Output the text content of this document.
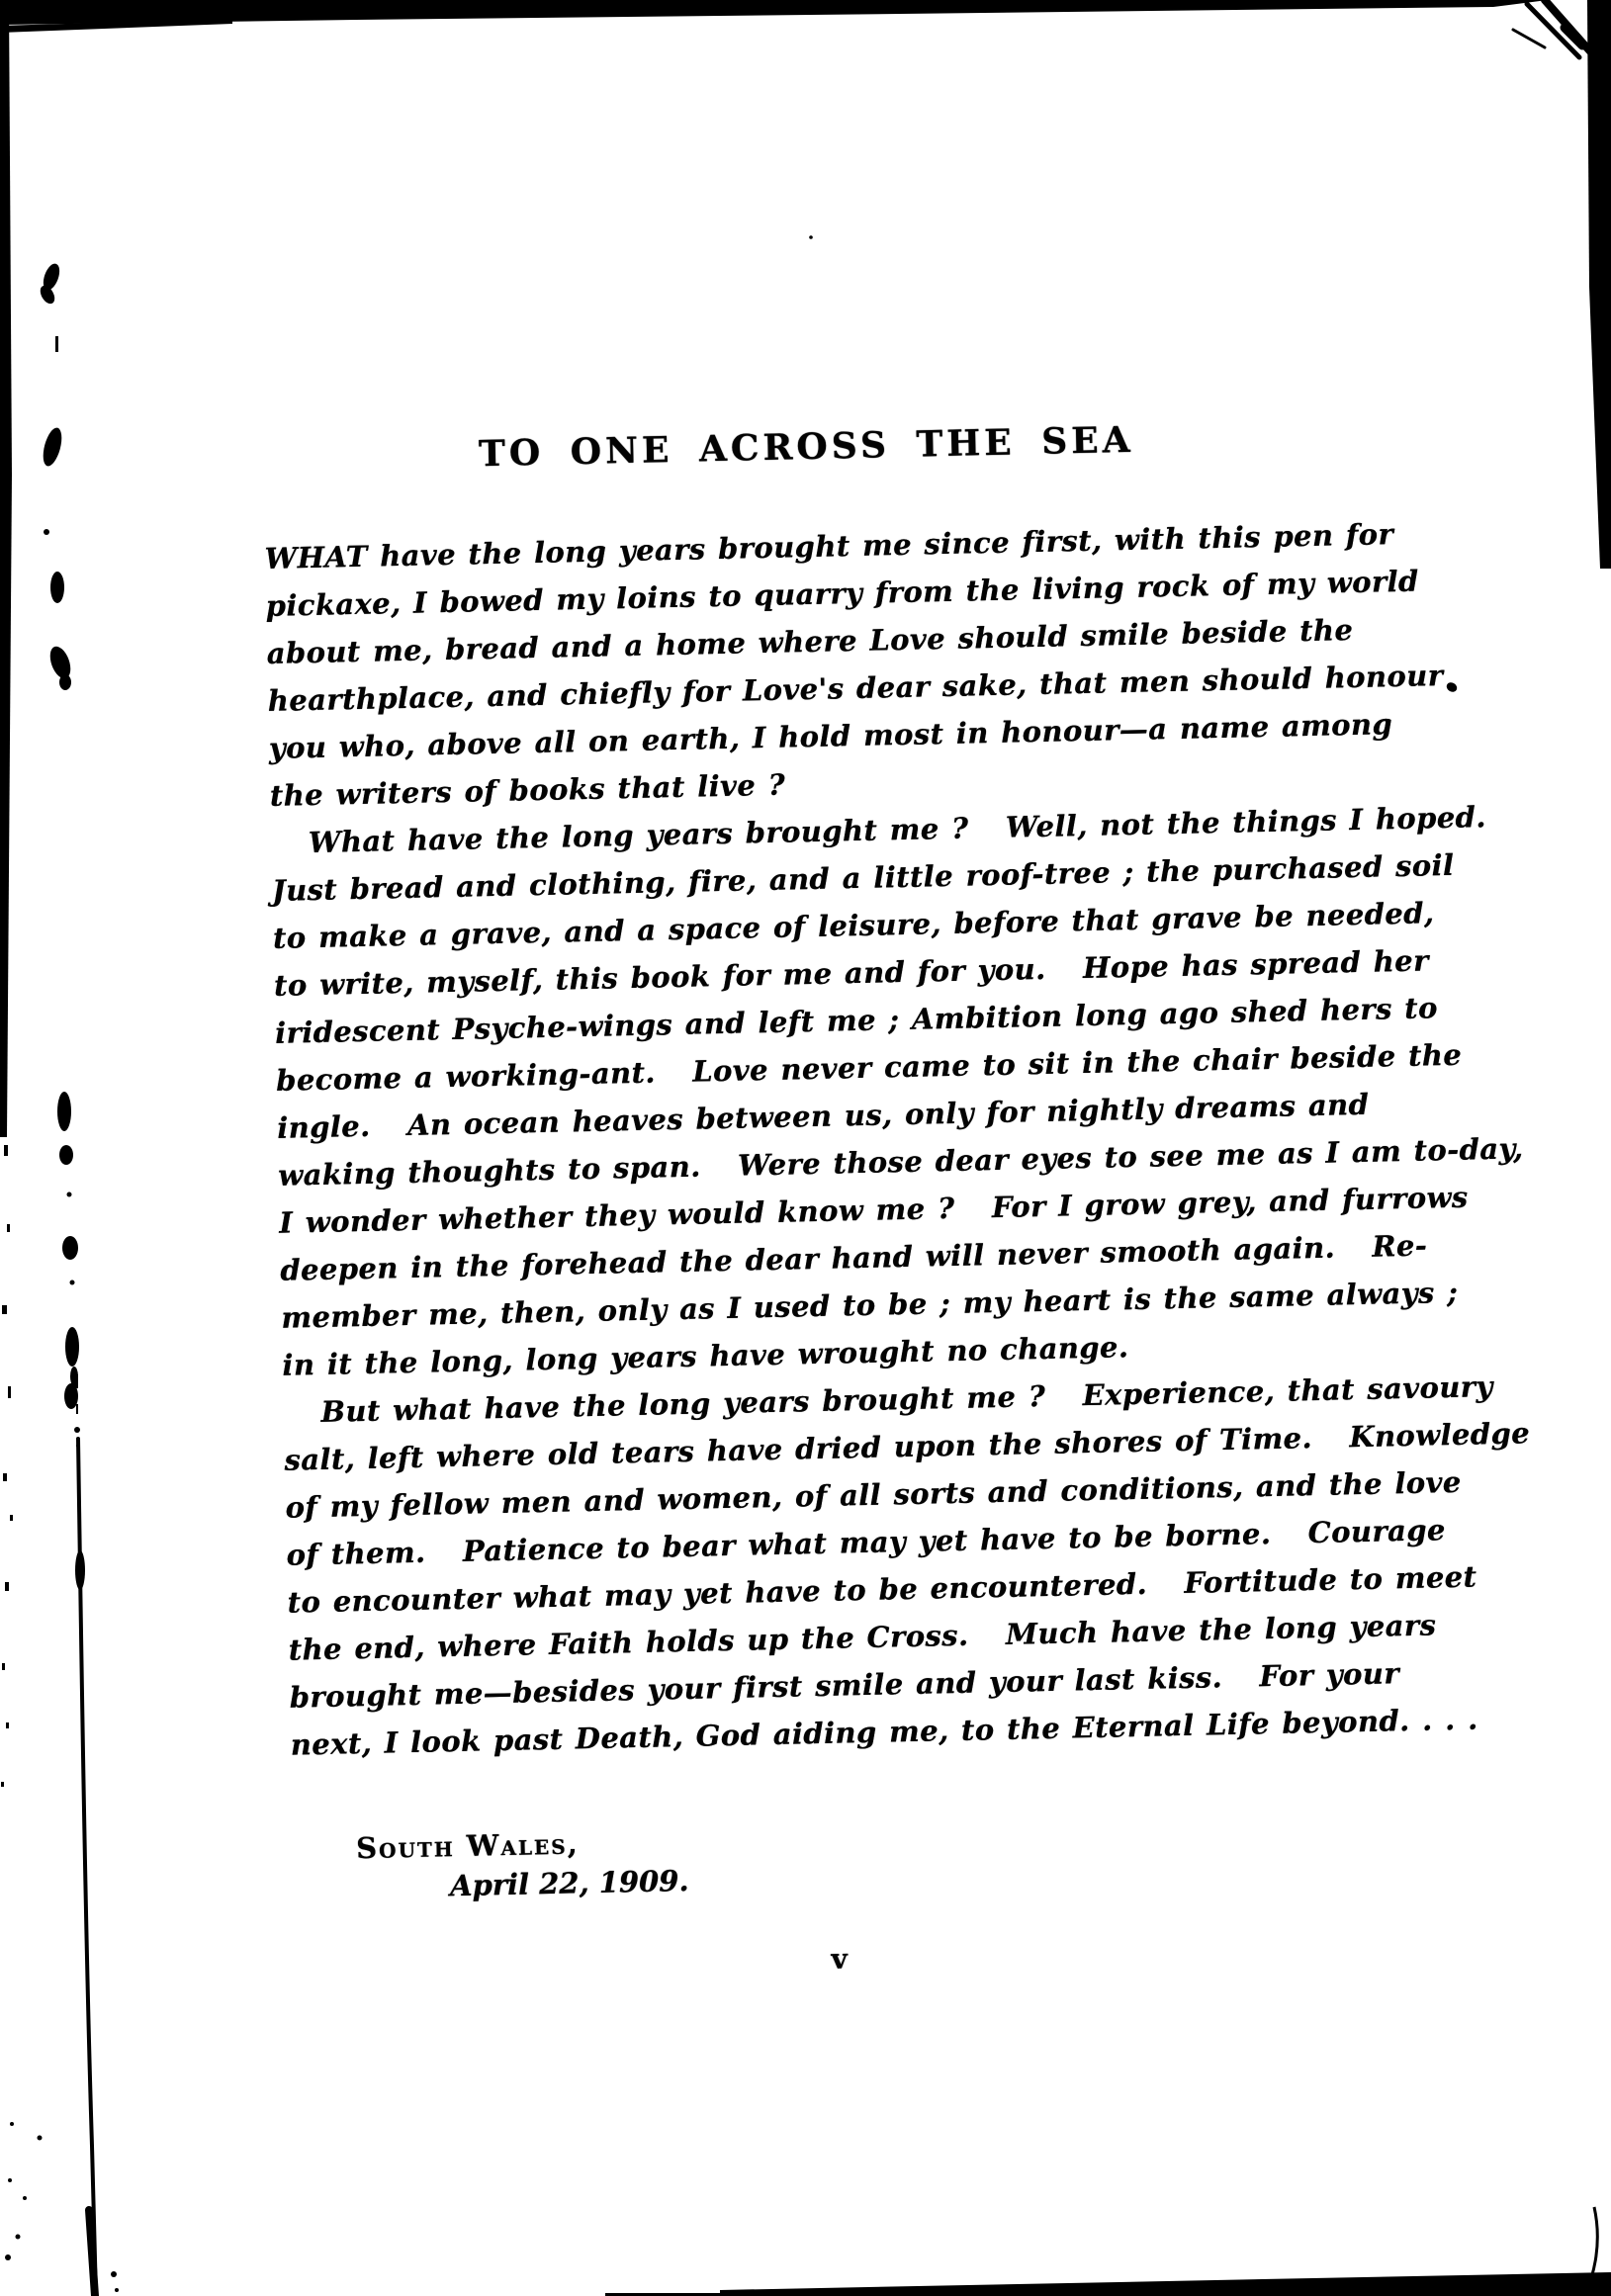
TO ONE ACROSS THE SEA
WHAT have the long years brought me since first, with this pen for
pickaxe, I bowed my loins to quarry from the living rock of my world
about me, bread and a home where Love should smile beside the
hearthplace, and chiefly for Love's dear sake, that men should honour
you who, above all on earth, I hold most in honour—a name among
the writers of books that live ?
What have the long years brought me ?   Well, not the things I hoped.
Just bread and clothing, fire, and a little roof-tree ; the purchased soil
to make a grave, and a space of leisure, before that grave be needed,
to write, myself, this book for me and for you.   Hope has spread her
iridescent Psyche-wings and left me ; Ambition long ago shed hers to
become a working-ant.   Love never came to sit in the chair beside the
ingle.   An ocean heaves between us, only for nightly dreams and
waking thoughts to span.   Were those dear eyes to see me as I am to-day,
I wonder whether they would know me ?   For I grow grey, and furrows
deepen in the forehead the dear hand will never smooth again.   Re-
member me, then, only as I used to be ; my heart is the same always ;
in it the long, long years have wrought no change.
But what have the long years brought me ?   Experience, that savoury
salt, left where old tears have dried upon the shores of Time.   Knowledge
of my fellow men and women, of all sorts and conditions, and the love
of them.   Patience to bear what may yet have to be borne.   Courage
to encounter what may yet have to be encountered.   Fortitude to meet
the end, where Faith holds up the Cross.   Much have the long years
brought me—besides your first smile and your last kiss.   For your
next, I look past Death, God aiding me, to the Eternal Life beyond. . . .
South Wales,
April 22, 1909.
v
